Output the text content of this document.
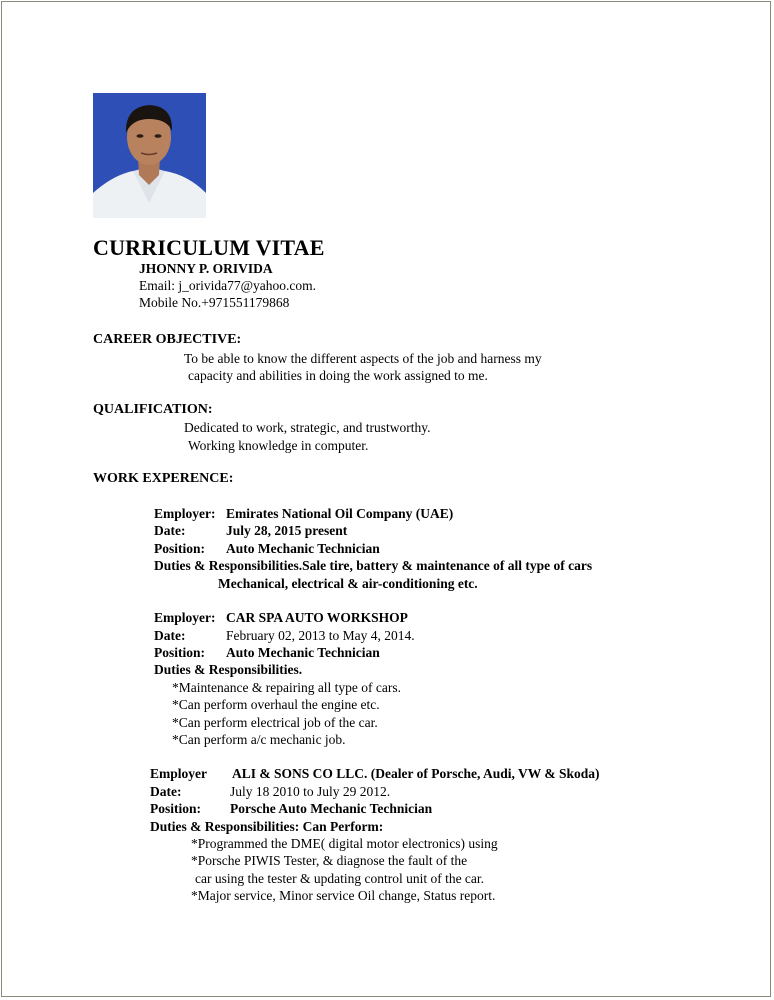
CURRICULUM VITAE
JHONNY P. ORIVIDA
Email: j_orivida77@yahoo.com.
Mobile No.+971551179868
CAREER OBJECTIVE:
To be able to know the different aspects of the job and harness my
capacity and abilities in doing the work assigned to me.
QUALIFICATION:
Dedicated to work, strategic, and trustworthy.
Working knowledge in computer.
WORK EXPERENCE:
Employer: Emirates National Oil Company (UAE)
Date:	July 28, 2015 present
Position: Auto Mechanic Technician
Duties & Responsibilities.Sale tire, battery & maintenance of all type of cars
Mechanical, electrical & air-conditioning etc.
Employer: CAR SPA AUTO WORKSHOP
Date:	February 02, 2013 to May 4, 2014.
Position: Auto Mechanic Technician
Duties & Responsibilities.
*Maintenance & repairing all type of cars.
*Can perform overhaul the engine etc.
*Can perform electrical job of the car.
*Can perform a/c mechanic job.
Employer ALI & SONS CO LLC. (Dealer of Porsche, Audi, VW & Skoda)
Date:	July 18 2010 to July 29 2012.
Position: Porsche Auto Mechanic Technician
Duties & Responsibilities: Can Perform:
*Programmed the DME( digital motor electronics) using
*Porsche PIWIS Tester, & diagnose the fault of the
car using the tester & updating control unit of the car.
*Major service, Minor service Oil change, Status report.
